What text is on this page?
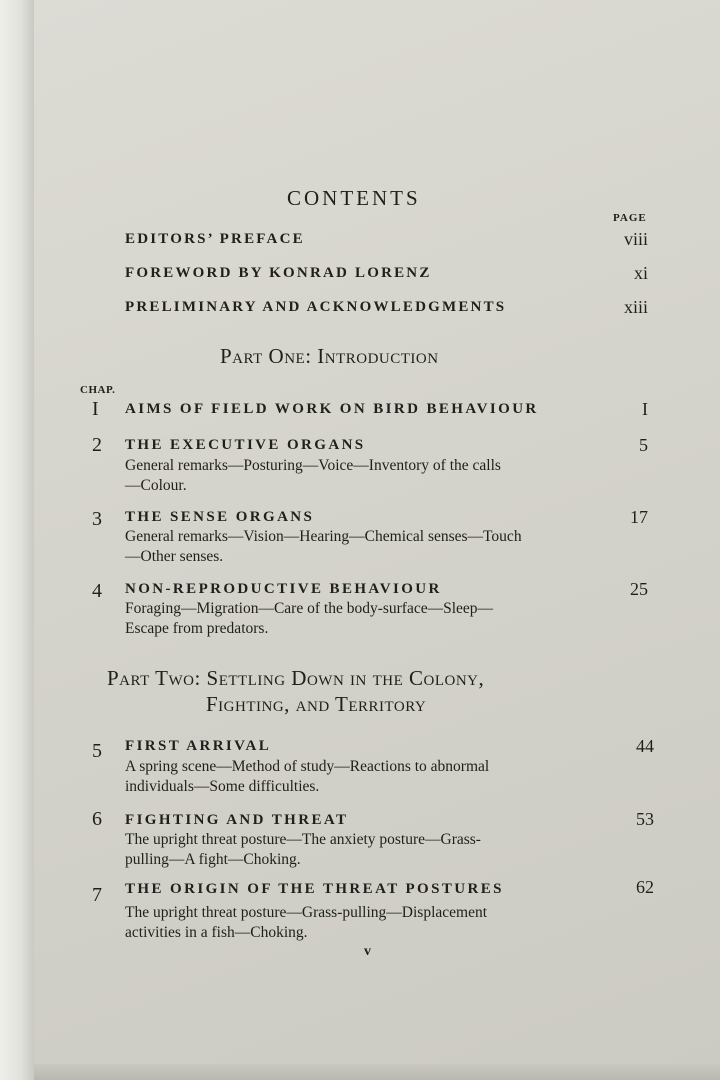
CONTENTS
PAGE
EDITORS’ PREFACE	viii
FOREWORD BY KONRAD LORENZ	xi
PRELIMINARY AND ACKNOWLEDGMENTS	xiii
Part One: Introduction
CHAP.
I AIMS OF FIELD WORK ON BIRD BEHAVIOUR	I
2 THE EXECUTIVE ORGANS	5
General remarks—Posturing—Voice—Inventory of the calls
—Colour.
3 THE SENSE ORGANS	17
General remarks—Vision—Hearing—Chemical senses—Touch
—Other senses.
4 NON-REPRODUCTIVE BEHAVIOUR	25
Foraging—Migration—Care of the body-surface—Sleep—
Escape from predators.
Part Two: Settling Down in the Colony,
Fighting, and Territory
5 FIRST ARRIVAL	44
A spring scene—Method of study—Reactions to abnormal
individuals—Some difficulties.
6 FIGHTING AND THREAT	53
The upright threat posture—The anxiety posture—Grass-
pulling—A fight—Choking.
7 THE ORIGIN OF THE THREAT POSTURES	62
The upright threat posture—Grass-pulling—Displacement
activities in a fish—Choking.
v
